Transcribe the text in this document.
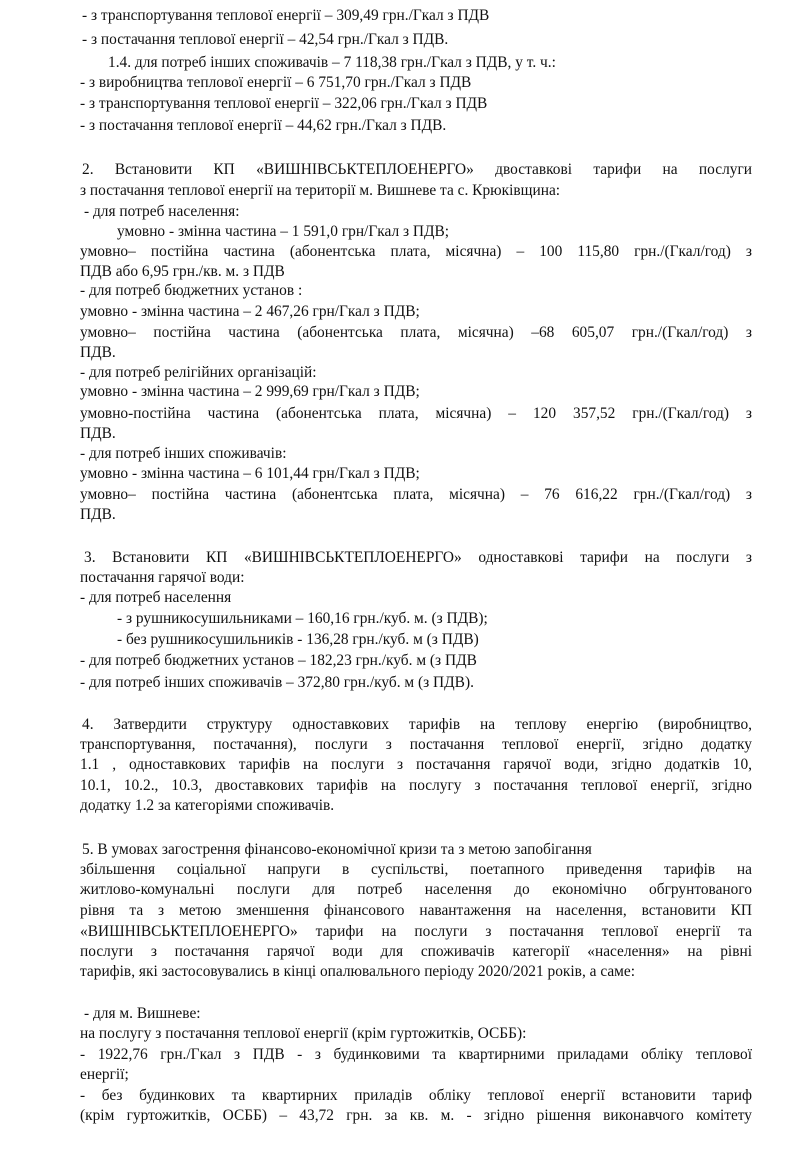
- з транспортування теплової енергії – 309,49 грн./Гкал з ПДВ
- з постачання теплової енергії – 42,54 грн./Гкал з ПДВ.
1.4. для потреб інших споживачів – 7 118,38 грн./Гкал з ПДВ, у т. ч.:
- з виробництва теплової енергії – 6 751,70 грн./Гкал з ПДВ
- з транспортування теплової енергії – 322,06 грн./Гкал з ПДВ
- з постачання теплової енергії – 44,62 грн./Гкал з ПДВ.
2. Встановити КП «ВИШНІВСЬКТЕПЛОЕНЕРГО» двоставкові тарифи на послуги
з постачання теплової енергії на території м. Вишневе та с. Крюківщина:
- для потреб населення:
умовно - змінна частина – 1 591,0 грн/Гкал з ПДВ;
умовно– постійна частина (абонентська плата, місячна) – 100 115,80 грн./(Гкал/год) з
ПДВ або 6,95 грн./кв. м. з ПДВ
- для потреб бюджетних установ :
умовно - змінна частина – 2 467,26 грн/Гкал з ПДВ;
умовно– постійна частина (абонентська плата, місячна) –68 605,07 грн./(Гкал/год) з
ПДВ.
- для потреб релігійних організацій:
умовно - змінна частина – 2 999,69 грн/Гкал з ПДВ;
умовно-постійна частина (абонентська плата, місячна) – 120 357,52 грн./(Гкал/год) з
ПДВ.
- для потреб інших споживачів:
умовно - змінна частина – 6 101,44 грн/Гкал з ПДВ;
умовно– постійна частина (абонентська плата, місячна) – 76 616,22 грн./(Гкал/год) з
ПДВ.
3. Встановити КП «ВИШНІВСЬКТЕПЛОЕНЕРГО» одноставкові тарифи на послуги з
постачання гарячої води:
- для потреб населення
- з рушникосушильниками – 160,16 грн./куб. м. (з ПДВ);
- без рушникосушильників - 136,28 грн./куб. м (з ПДВ)
- для потреб бюджетних установ – 182,23 грн./куб. м (з ПДВ
- для потреб інших споживачів – 372,80 грн./куб. м (з ПДВ).
4. Затвердити структуру одноставкових тарифів на теплову енергію (виробництво,
транспортування, постачання), послуги з постачання теплової енергії, згідно додатку
1.1 , одноставкових тарифів на послуги з постачання гарячої води, згідно додатків 10,
10.1, 10.2., 10.3, двоставкових тарифів на послугу з постачання теплової енергії, згідно
додатку 1.2 за категоріями споживачів.
5. В умовах загострення фінансово-економічної кризи та з метою запобігання
збільшення соціальної напруги в суспільстві, поетапного приведення тарифів на
житлово-комунальні послуги для потреб населення до економічно обгрунтованого
рівня та з метою зменшення фінансового навантаження на населення, встановити КП
«ВИШНІВСЬКТЕПЛОЕНЕРГО» тарифи на послуги з постачання теплової енергії та
послуги з постачання гарячої води для споживачів категорії «населення» на рівні
тарифів, які застосовувались в кінці опалювального періоду 2020/2021 років, а саме:
- для м. Вишневе:
на послугу з постачання теплової енергії (крім гуртожитків, ОСББ):
- 1922,76 грн./Гкал з ПДВ - з будинковими та квартирними приладами обліку теплової
енергії;
- без будинкових та квартирних приладів обліку теплової енергії встановити тариф
(крім гуртожитків, ОСББ) – 43,72 грн. за кв. м. - згідно рішення виконавчого комітету
